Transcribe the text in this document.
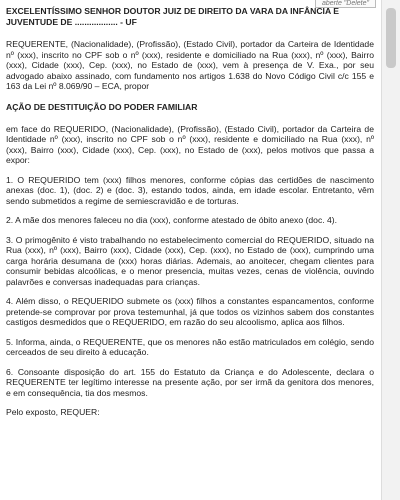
aberte "Delete"
EXCELENTÍSSIMO SENHOR DOUTOR JUIZ DE DIREITO DA VARA DA INFÂNCIA E JUVENTUDE DE .................. - UF

REQUERENTE, (Nacionalidade), (Profissão), (Estado Civil), portador da Carteira de Identidade nº (xxx), inscrito no CPF sob o nº (xxx), residente e domiciliado na Rua (xxx), nº (xxx), Bairro (xxx), Cidade (xxx), Cep. (xxx), no Estado de (xxx), vem à presença de V. Exa., por seu advogado abaixo assinado, com fundamento nos artigos 1.638 do Novo Código Civil c/c 155 e 163 da Lei nº 8.069/90 – ECA, propor

AÇÃO DE DESTITUIÇÃO DO PODER FAMILIAR

em face do REQUERIDO, (Nacionalidade), (Profissão), (Estado Civil), portador da Carteira de Identidade nº (xxx), inscrito no CPF sob o nº (xxx), residente e domiciliado na Rua (xxx), nº (xxx), Bairro (xxx), Cidade (xxx), Cep. (xxx), no Estado de (xxx), pelos motivos que passa a expor:

1. O REQUERIDO tem (xxx) filhos menores, conforme cópias das certidões de nascimento anexas (doc. 1), (doc. 2) e (doc. 3), estando todos, ainda, em idade escolar. Entretanto, vêm sendo submetidos a regime de semiescravidão e de torturas.

2. A mãe dos menores faleceu no dia (xxx), conforme atestado de óbito anexo (doc. 4).

3. O primogênito é visto trabalhando no estabelecimento comercial do REQUERIDO, situado na Rua (xxx), nº (xxx), Bairro (xxx), Cidade (xxx), Cep. (xxx), no Estado de (xxx), cumprindo uma carga horária desumana de (xxx) horas diárias. Ademais, ao anoitecer, chegam clientes para consumir bebidas alcoólicas, e o menor presencia, muitas vezes, cenas de violência, ouvindo palavrões e conversas inadequadas para crianças.

4. Além disso, o REQUERIDO submete os (xxx) filhos a constantes espancamentos, conforme pretende-se comprovar por prova testemunhal, já que todos os vizinhos sabem dos constantes castigos desmedidos que o REQUERIDO, em razão do seu alcoolismo, aplica aos filhos.

5. Informa, ainda, o REQUERENTE, que os menores não estão matriculados em colégio, sendo cerceados de seu direito à educação.

6. Consoante disposição do art. 155 do Estatuto da Criança e do Adolescente, declara o REQUERENTE ter legítimo interesse na presente ação, por ser irmã da genitora dos menores, e em consequência, tia dos mesmos.

Pelo exposto, REQUER:
